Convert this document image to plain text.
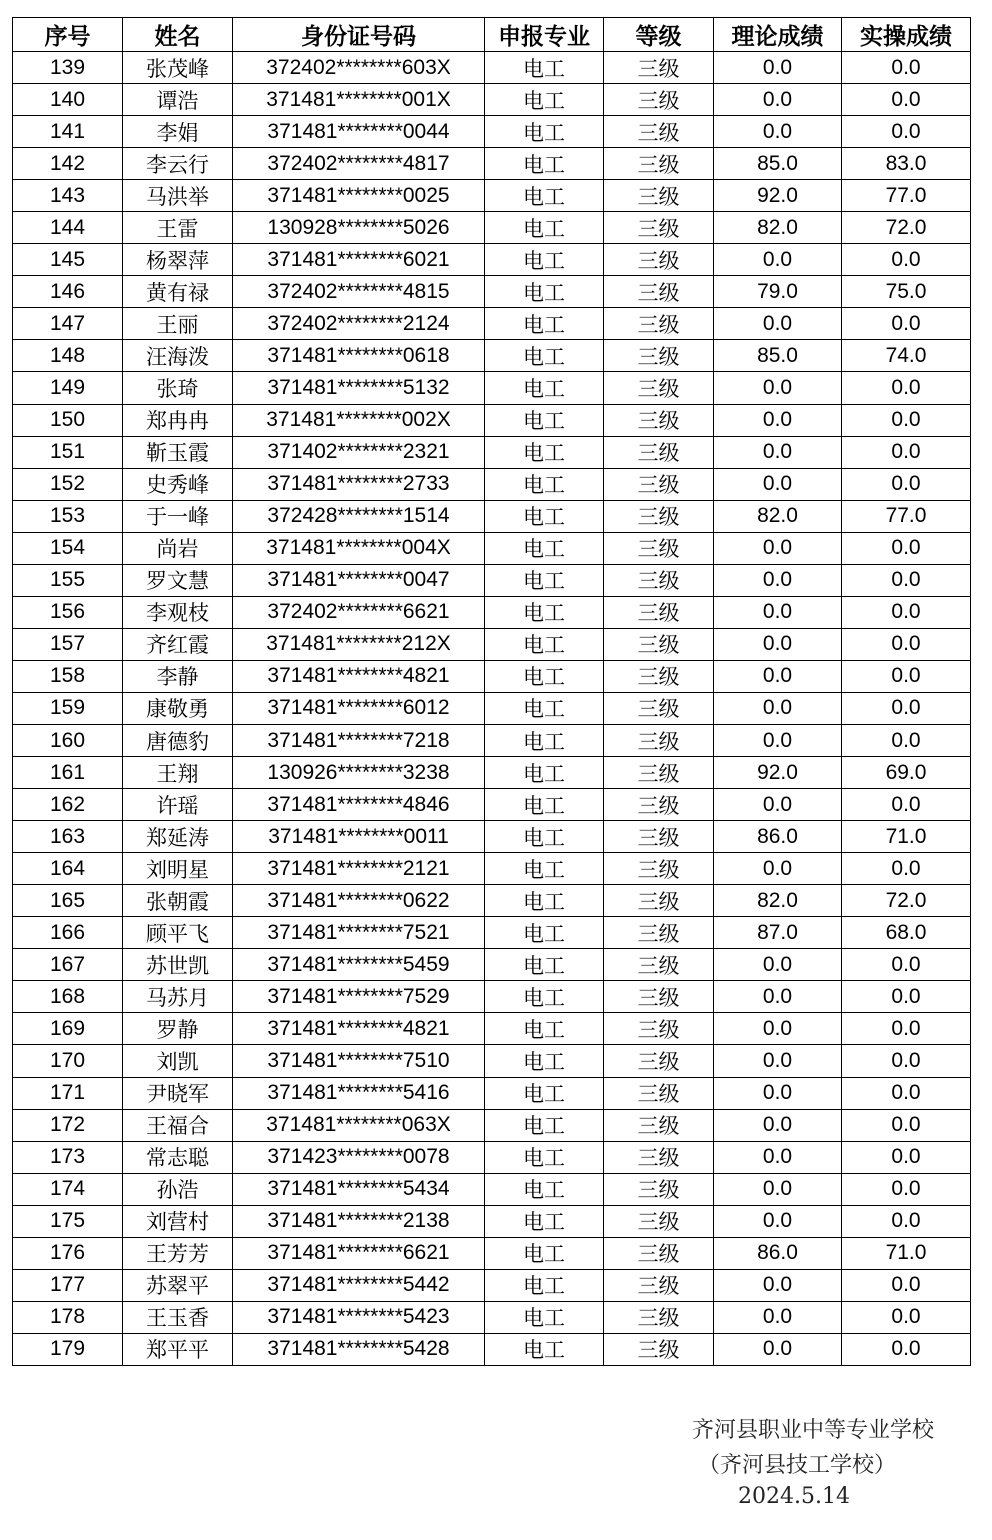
序号	姓名	身份证号码	申报专业	等级	理论成绩	实操成绩
139	张茂峰	372402********603X	电工	三级	0.0	0.0
140	谭浩	371481********001X	电工	三级	0.0	0.0
141	李娟	371481********0044	电工	三级	0.0	0.0
142	李云行	372402********4817	电工	三级	85.0	83.0
143	马洪举	371481********0025	电工	三级	92.0	77.0
144	王雷	130928********5026	电工	三级	82.0	72.0
145	杨翠萍	371481********6021	电工	三级	0.0	0.0
146	黄有禄	372402********4815	电工	三级	79.0	75.0
147	王丽	372402********2124	电工	三级	0.0	0.0
148	汪海泼	371481********0618	电工	三级	85.0	74.0
149	张琦	371481********5132	电工	三级	0.0	0.0
150	郑冉冉	371481********002X	电工	三级	0.0	0.0
151	靳玉霞	371402********2321	电工	三级	0.0	0.0
152	史秀峰	371481********2733	电工	三级	0.0	0.0
153	于一峰	372428********1514	电工	三级	82.0	77.0
154	尚岩	371481********004X	电工	三级	0.0	0.0
155	罗文慧	371481********0047	电工	三级	0.0	0.0
156	李观枝	372402********6621	电工	三级	0.0	0.0
157	齐红霞	371481********212X	电工	三级	0.0	0.0
158	李静	371481********4821	电工	三级	0.0	0.0
159	康敬勇	371481********6012	电工	三级	0.0	0.0
160	唐德豹	371481********7218	电工	三级	0.0	0.0
161	王翔	130926********3238	电工	三级	92.0	69.0
162	许瑶	371481********4846	电工	三级	0.0	0.0
163	郑延涛	371481********0011	电工	三级	86.0	71.0
164	刘明星	371481********2121	电工	三级	0.0	0.0
165	张朝霞	371481********0622	电工	三级	82.0	72.0
166	顾平飞	371481********7521	电工	三级	87.0	68.0
167	苏世凯	371481********5459	电工	三级	0.0	0.0
168	马苏月	371481********7529	电工	三级	0.0	0.0
169	罗静	371481********4821	电工	三级	0.0	0.0
170	刘凯	371481********7510	电工	三级	0.0	0.0
171	尹晓军	371481********5416	电工	三级	0.0	0.0
172	王福合	371481********063X	电工	三级	0.0	0.0
173	常志聪	371423********0078	电工	三级	0.0	0.0
174	孙浩	371481********5434	电工	三级	0.0	0.0
175	刘营村	371481********2138	电工	三级	0.0	0.0
176	王芳芳	371481********6621	电工	三级	86.0	71.0
177	苏翠平	371481********5442	电工	三级	0.0	0.0
178	王玉香	371481********5423	电工	三级	0.0	0.0
179	郑平平	371481********5428	电工	三级	0.0	0.0
齐河县职业中等专业学校
（齐河县技工学校）
2024.5.14
